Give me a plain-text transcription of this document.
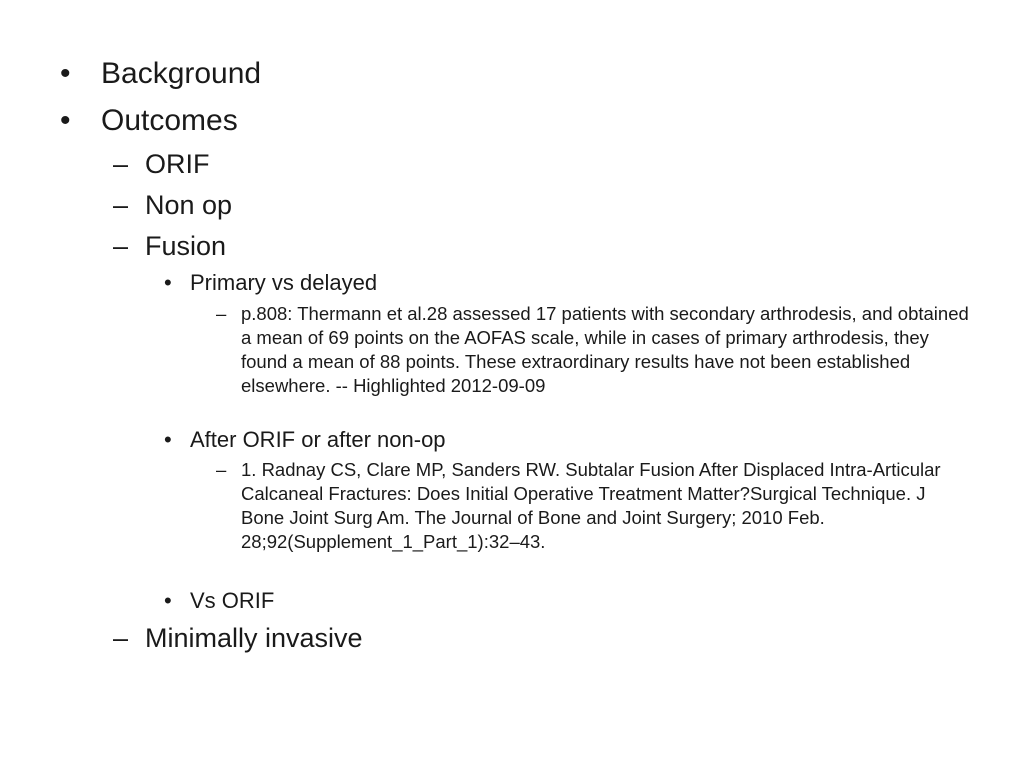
• Background
• Outcomes
– ORIF
– Non op
– Fusion
• Primary vs delayed
– p.808: Thermann et al.28 assessed 17 patients with secondary arthrodesis, and obtained a mean of 69 points on the AOFAS scale, while in cases of primary arthrodesis, they found a mean of 88 points. These extraordinary results have not been established elsewhere. -- Highlighted 2012-09-09
• After ORIF or after non-op
– 1. Radnay CS, Clare MP, Sanders RW. Subtalar Fusion After Displaced Intra-Articular Calcaneal Fractures: Does Initial Operative Treatment Matter?Surgical Technique. J Bone Joint Surg Am. The Journal of Bone and Joint Surgery; 2010 Feb. 28;92(Supplement_1_Part_1):32–43.
• Vs ORIF
– Minimally invasive
